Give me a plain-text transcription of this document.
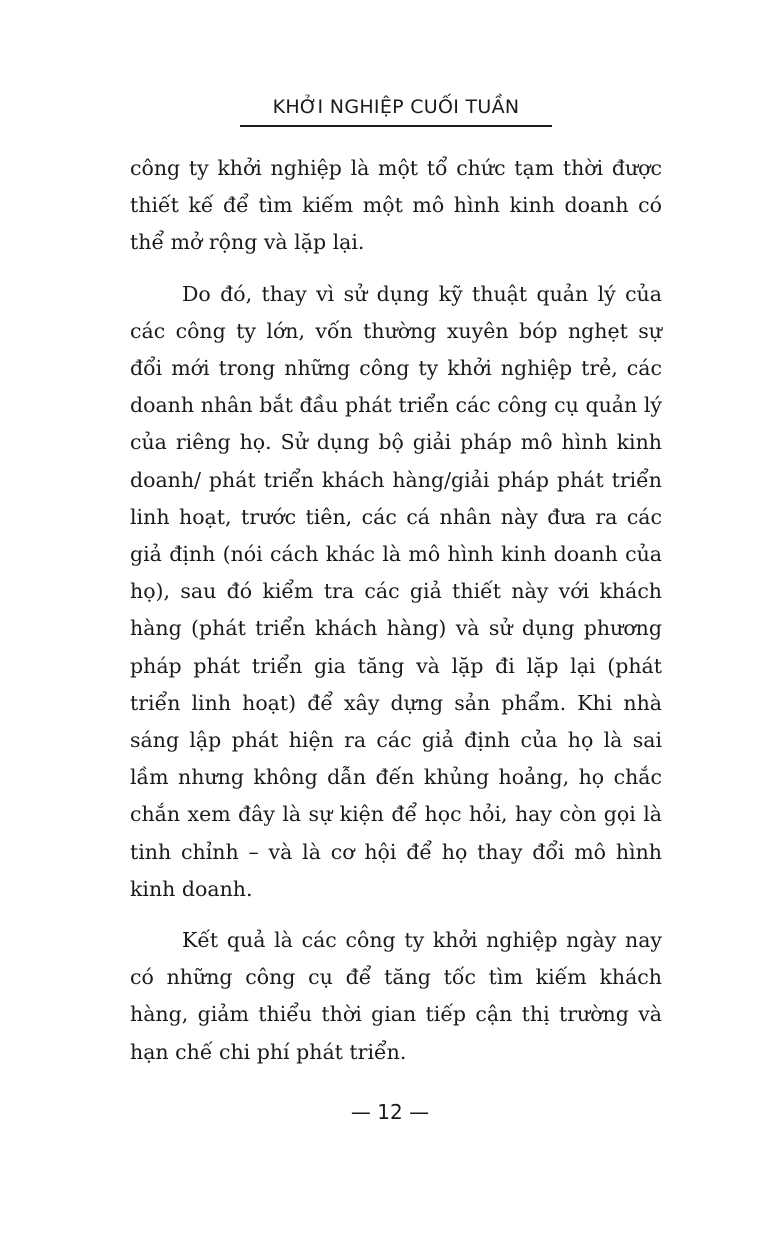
KHỞI NGHIỆP CUỐI TUẦN

công ty khởi nghiệp là một tổ chức tạm thời được thiết kế để tìm kiếm một mô hình kinh doanh có thể mở rộng và lặp lại.

Do đó, thay vì sử dụng kỹ thuật quản lý của các công ty lớn, vốn thường xuyên bóp nghẹt sự đổi mới trong những công ty khởi nghiệp trẻ, các doanh nhân bắt đầu phát triển các công cụ quản lý của riêng họ. Sử dụng bộ giải pháp mô hình kinh doanh/ phát triển khách hàng/giải pháp phát triển linh hoạt, trước tiên, các cá nhân này đưa ra các giả định (nói cách khác là mô hình kinh doanh của họ), sau đó kiểm tra các giả thiết này với khách hàng (phát triển khách hàng) và sử dụng phương pháp phát triển gia tăng và lặp đi lặp lại (phát triển linh hoạt) để xây dựng sản phẩm. Khi nhà sáng lập phát hiện ra các giả định của họ là sai lầm nhưng không dẫn đến khủng hoảng, họ chắc chắn xem đây là sự kiện để học hỏi, hay còn gọi là tinh chỉnh – và là cơ hội để họ thay đổi mô hình kinh doanh.

Kết quả là các công ty khởi nghiệp ngày nay có những công cụ để tăng tốc tìm kiếm khách hàng, giảm thiểu thời gian tiếp cận thị trường và hạn chế chi phí phát triển.

— 12 —
